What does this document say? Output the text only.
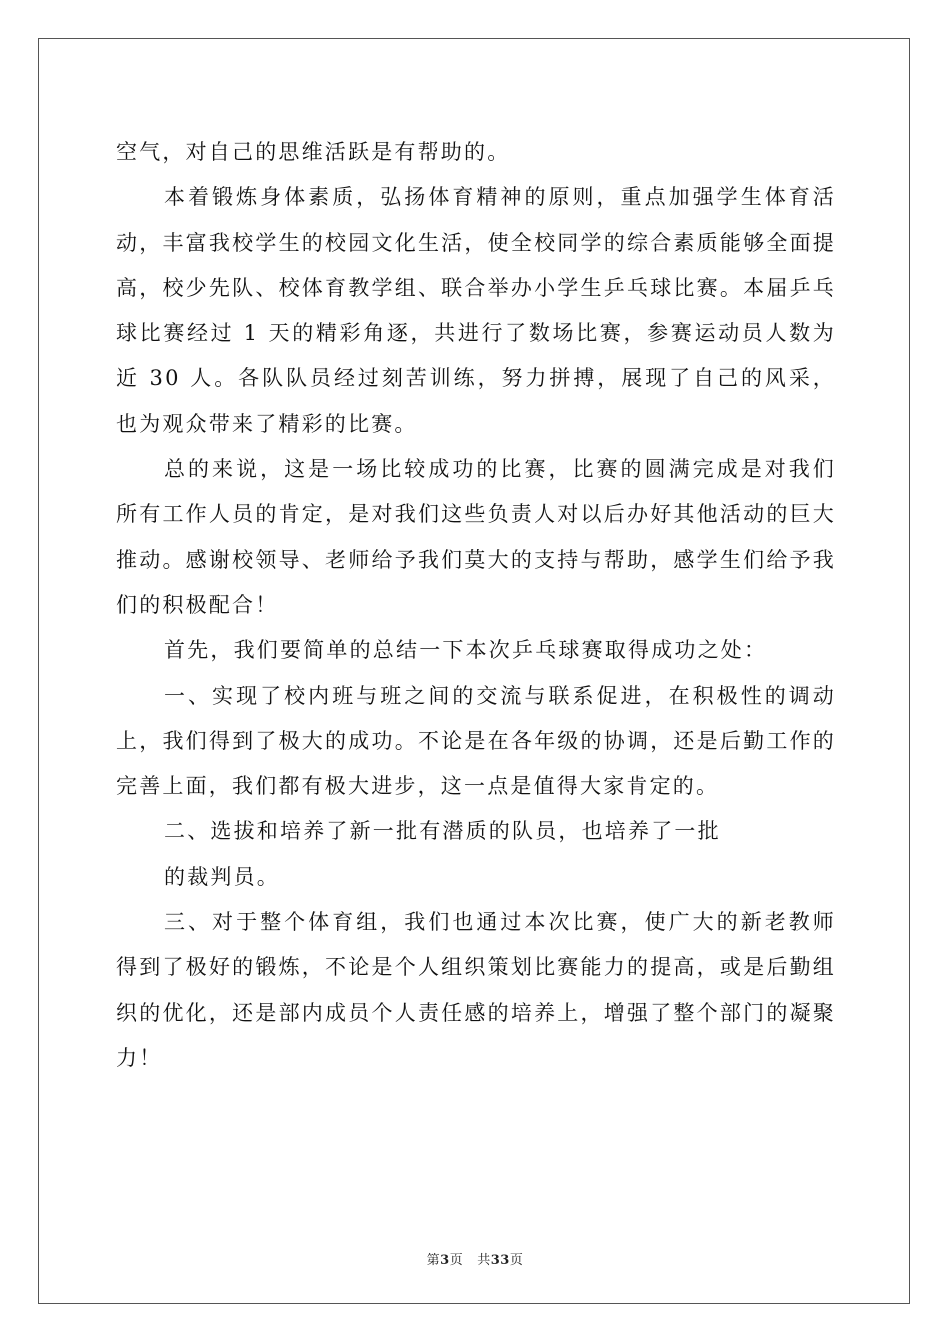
空气，对自己的思维活跃是有帮助的。

本着锻炼身体素质，弘扬体育精神的原则，重点加强学生体育活动，丰富我校学生的校园文化生活，使全校同学的综合素质能够全面提高，校少先队、校体育教学组、联合举办小学生乒乓球比赛。本届乒乓球比赛经过 1 天的精彩角逐，共进行了数场比赛，参赛运动员人数为近 30 人。各队队员经过刻苦训练，努力拼搏，展现了自己的风采，也为观众带来了精彩的比赛。

总的来说，这是一场比较成功的比赛，比赛的圆满完成是对我们所有工作人员的肯定，是对我们这些负责人对以后办好其他活动的巨大推动。感谢校领导、老师给予我们莫大的支持与帮助，感学生们给予我们的积极配合！

首先，我们要简单的总结一下本次乒乓球赛取得成功之处：

一、实现了校内班与班之间的交流与联系促进，在积极性的调动上，我们得到了极大的成功。不论是在各年级的协调，还是后勤工作的完善上面，我们都有极大进步，这一点是值得大家肯定的。

二、选拔和培养了新一批有潜质的队员，也培养了一批

的裁判员。

三、对于整个体育组，我们也通过本次比赛，使广大的新老教师得到了极好的锻炼，不论是个人组织策划比赛能力的提高，或是后勤组织的优化，还是部内成员个人责任感的培养上，增强了整个部门的凝聚力！

第3页 共33页
